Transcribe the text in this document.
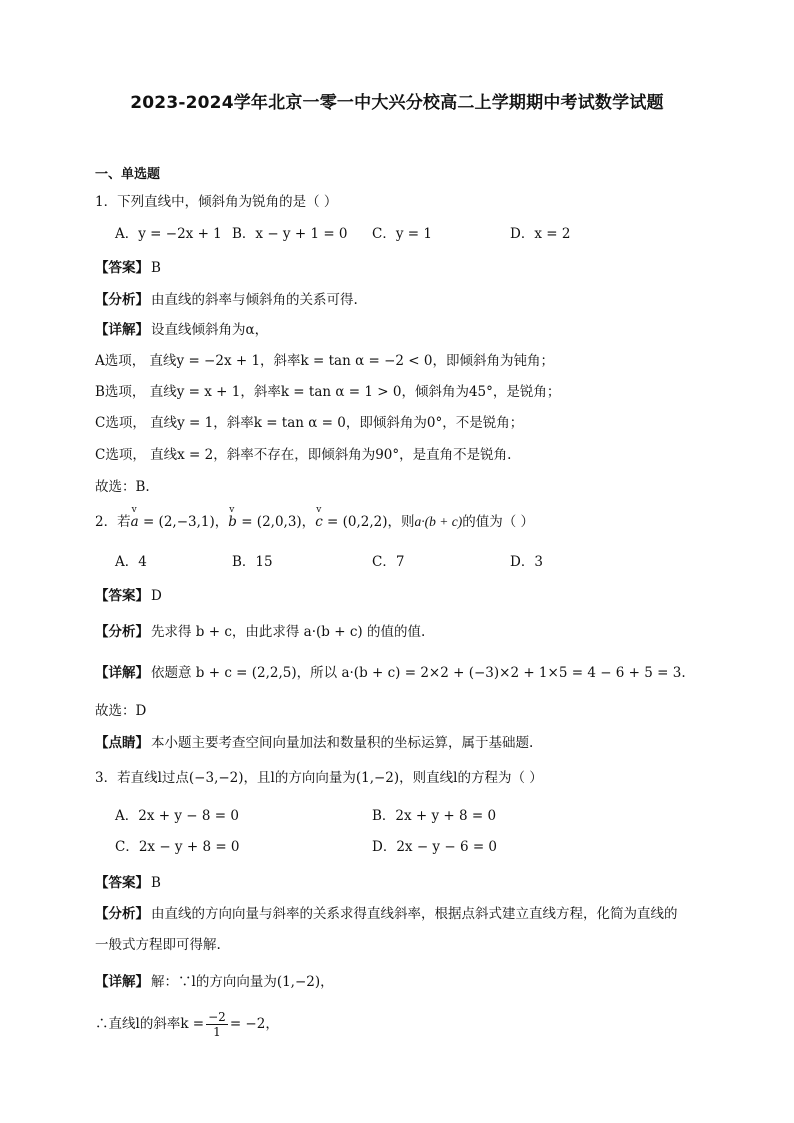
2023-2024学年北京一零一中大兴分校高二上学期期中考试数学试题
一、单选题
1．下列直线中，倾斜角为锐角的是（ ）
A．y = −2x + 1 B．x − y + 1 = 0 C．y = 1	D．x = 2
【答案】 B
【分析】 由直线的斜率与倾斜角的关系可得.
【详解】 设直线倾斜角为α，
A选项， 直线y = −2x + 1，斜率k = tan α = −2 < 0，即倾斜角为钝角；
B选项， 直线y = x + 1，斜率k = tan α = 1 > 0，倾斜角为45°，是锐角；
C选项， 直线y = 1，斜率k = tan α = 0，即倾斜角为0°，不是锐角；
C选项， 直线x = 2，斜率不存在，即倾斜角为90°，是直角不是锐角.
故选：B.
2．若v a = (2,−3,1)，v b = (2,0,3)，v c = (0,2,2)，则a·(b + c)的值为（ ）
A．4	B．15	C．7	D．3
【答案】 D
【分析】 先求得 b + c，由此求得 a·(b + c) 的值的值.
【详解】 依题意 b + c = (2,2,5)，所以 a·(b + c) = 2×2 + (−3)×2 + 1×5 = 4 − 6 + 5 = 3.
故选：D
【点睛】 本小题主要考查空间向量加法和数量积的坐标运算，属于基础题.
3．若直线l过点(−3,−2)，且l的方向向量为(1,−2)，则直线l的方程为（ ）
A．2x + y − 8 = 0	B．2x + y + 8 = 0
C．2x − y + 8 = 0	D．2x − y − 6 = 0
【答案】 B
【分析】 由直线的方向向量与斜率的关系求得直线斜率，根据点斜式建立直线方程，化简为直线的
一般式方程即可得解.
【详解】 解：∵l的方向向量为(1,−2)，
∴直线l的斜率$k = \frac{-2}{1} = -2$，
